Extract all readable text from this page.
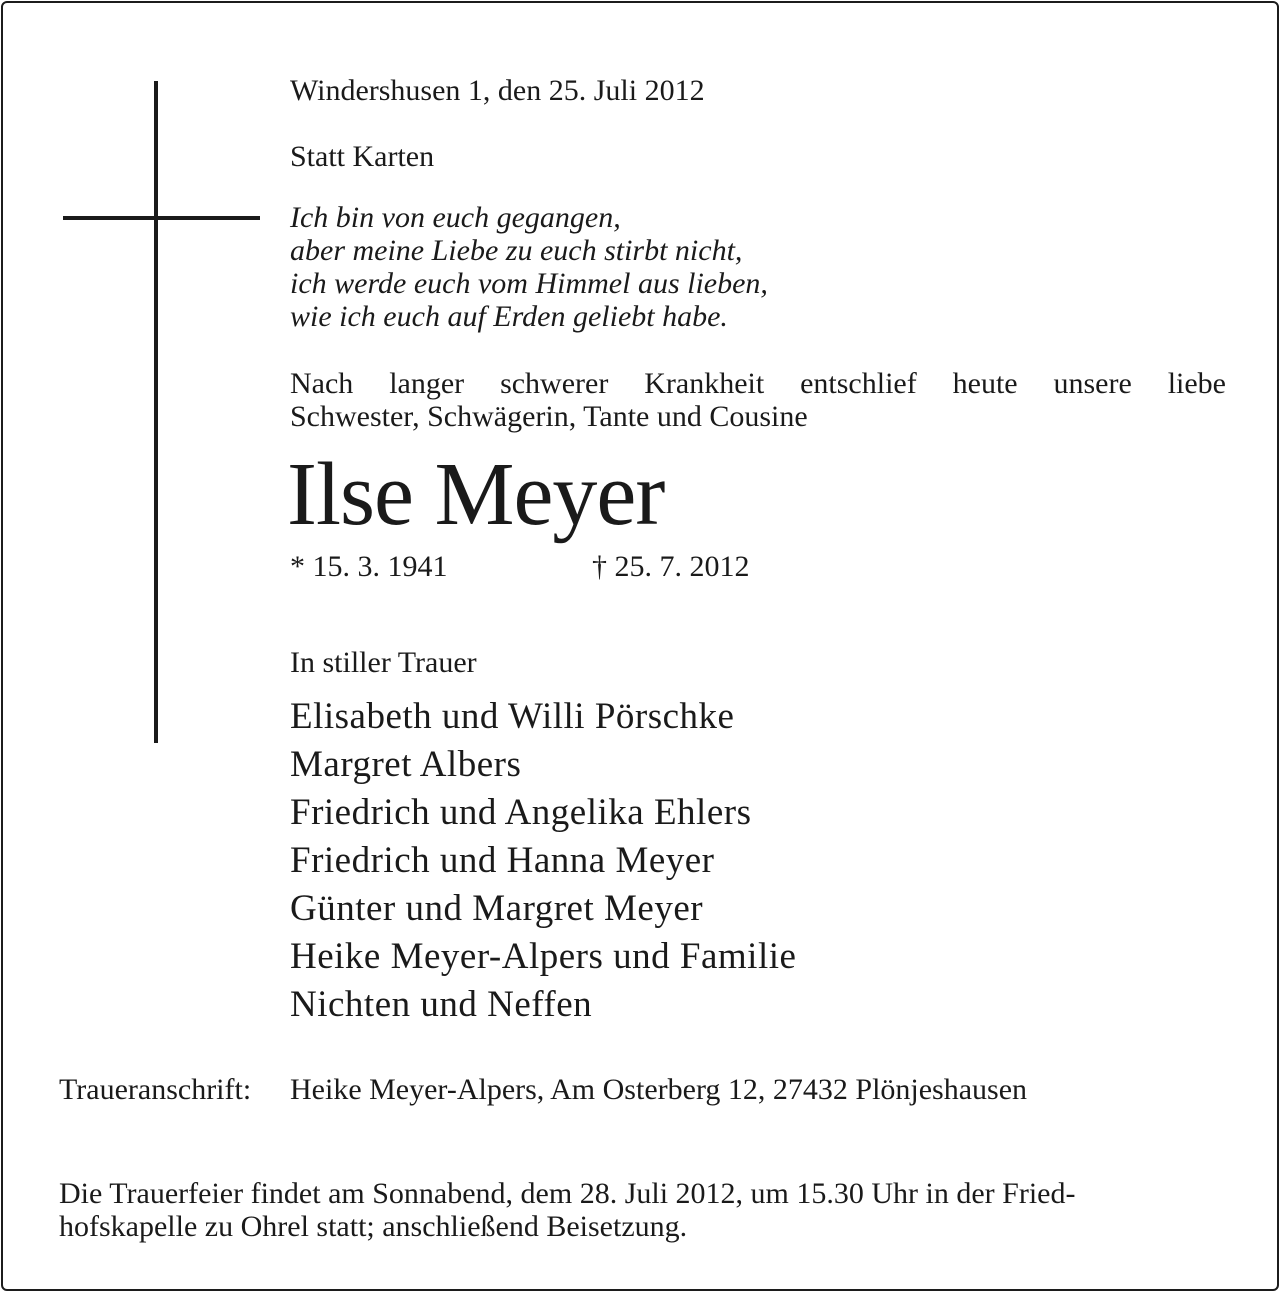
Windershusen 1, den 25. Juli 2012

Statt Karten

Ich bin von euch gegangen,
aber meine Liebe zu euch stirbt nicht,
ich werde euch vom Himmel aus lieben,
wie ich euch auf Erden geliebt habe.
Nach langer schwerer Krankheit entschlief heute unsere liebe
Schwester, Schwägerin, Tante und Cousine

Ilse Meyer

* 15. 3. 1941	† 25. 7. 2012

In stiller Trauer

Elisabeth und Willi Pörschke
Margret Albers
Friedrich und Angelika Ehlers
Friedrich und Hanna Meyer
Günter und Margret Meyer
Heike Meyer-Alpers und Familie
Nichten und Neffen

Traueranschrift: Heike Meyer-Alpers, Am Osterberg 12, 27432 Plönjeshausen

Die Trauerfeier findet am Sonnabend, dem 28. Juli 2012, um 15.30 Uhr in der Fried-
hofskapelle zu Ohrel statt; anschließend Beisetzung.
